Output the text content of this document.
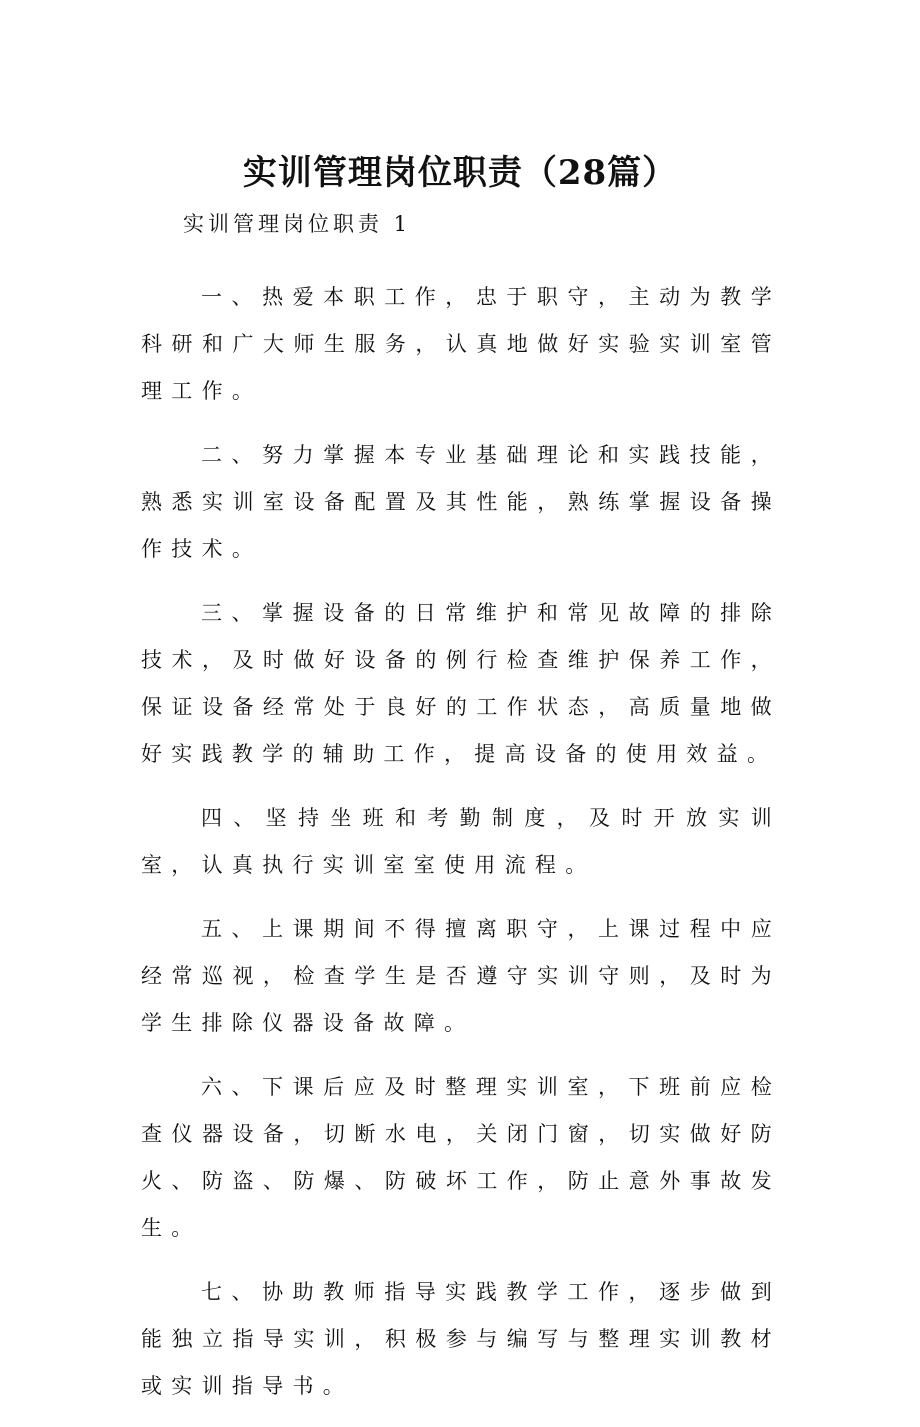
实训管理岗位职责（28篇）
实训管理岗位职责 1

一、热爱本职工作，忠于职守，主动为教学科研和广大师生服务，认真地做好实验实训室管理工作。

二、努力掌握本专业基础理论和实践技能，熟悉实训室设备配置及其性能，熟练掌握设备操作技术。

三、掌握设备的日常维护和常见故障的排除技术，及时做好设备的例行检查维护保养工作，保证设备经常处于良好的工作状态，高质量地做好实践教学的辅助工作，提高设备的使用效益。

四、坚持坐班和考勤制度，及时开放实训室，认真执行实训室室使用流程。

五、上课期间不得擅离职守，上课过程中应经常巡视，检查学生是否遵守实训守则，及时为学生排除仪器设备故障。

六、下课后应及时整理实训室，下班前应检查仪器设备，切断水电，关闭门窗，切实做好防火、防盗、防爆、防破坏工作，防止意外事故发生。

七、协助教师指导实践教学工作，逐步做到能独立指导实训，积极参与编写与整理实训教材或实训指导书。
